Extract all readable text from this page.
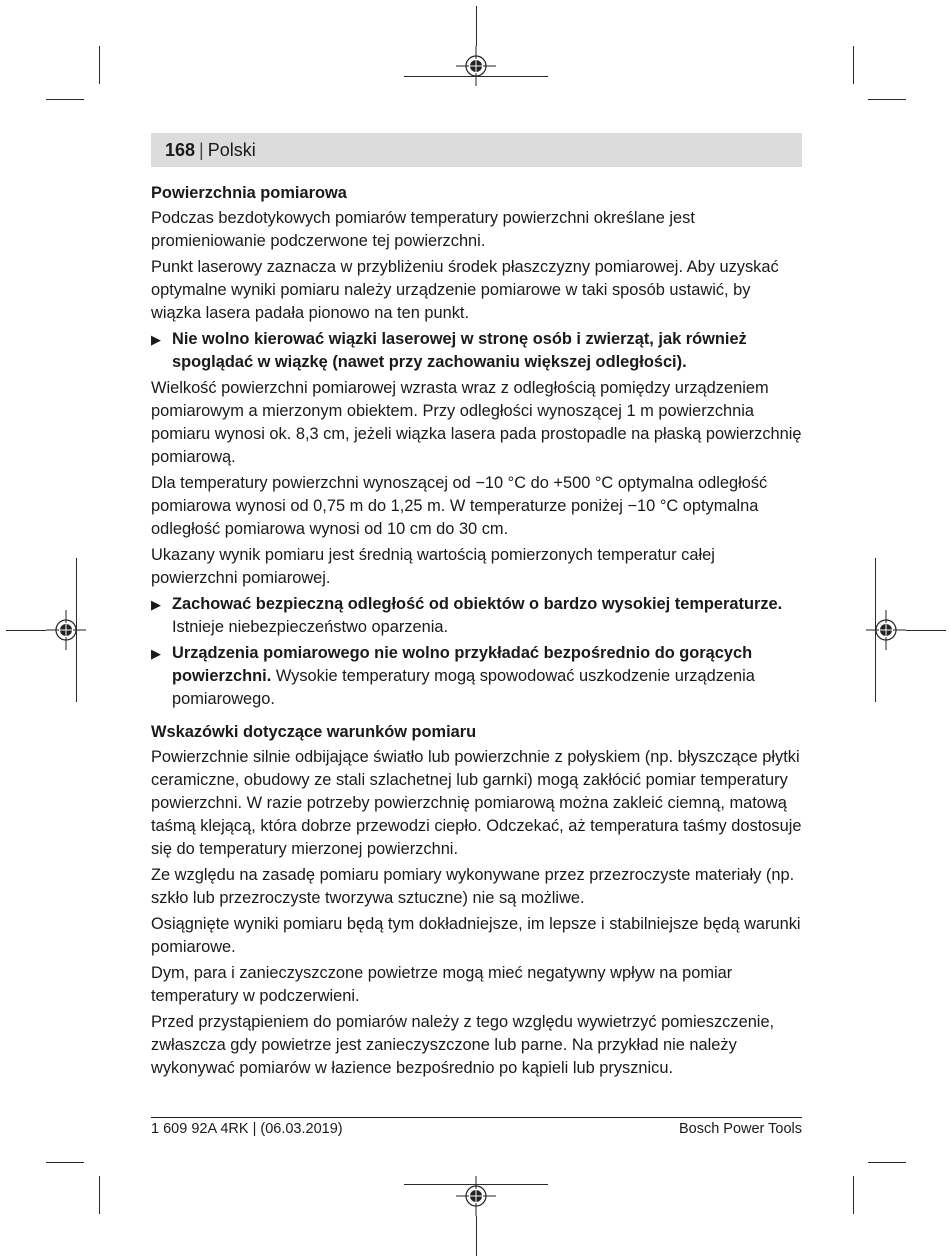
168 | Polski
Powierzchnia pomiarowa

Podczas bezdotykowych pomiarów temperatury powierzchni określane jest promieniowanie podczerwone tej powierzchni.

Punkt laserowy zaznacza w przybliżeniu środek płaszczyzny pomiarowej. Aby uzyskać optymalne wyniki pomiaru należy urządzenie pomiarowe w taki sposób ustawić, by wiązka lasera padała pionowo na ten punkt.

▶ Nie wolno kierować wiązki laserowej w stronę osób i zwierząt, jak również spoglądać w wiązkę (nawet przy zachowaniu większej odległości).

Wielkość powierzchni pomiarowej wzrasta wraz z odległością pomiędzy urządzeniem pomiarowym a mierzonym obiektem. Przy odległości wynoszącej 1 m powierzchnia pomiaru wynosi ok. 8,3 cm, jeżeli wiązka lasera pada prostopadle na płaską powierzchnię pomiarową.

Dla temperatury powierzchni wynoszącej od −10 °C do +500 °C optymalna odległość pomiarowa wynosi od 0,75 m do 1,25 m. W temperaturze poniżej −10 °C optymalna odległość pomiarowa wynosi od 10 cm do 30 cm.

Ukazany wynik pomiaru jest średnią wartością pomierzonych temperatur całej powierzchni pomiarowej.

▶ Zachować bezpieczną odległość od obiektów o bardzo wysokiej temperaturze. Istnieje niebezpieczeństwo oparzenia.
▶ Urządzenia pomiarowego nie wolno przykładać bezpośrednio do gorących powierzchni. Wysokie temperatury mogą spowodować uszkodzenie urządzenia pomiarowego.
Wskazówki dotyczące warunków pomiaru

Powierzchnie silnie odbijające światło lub powierzchnie z połyskiem (np. błyszczące płytki ceramiczne, obudowy ze stali szlachetnej lub garnki) mogą zakłócić pomiar temperatury powierzchni. W razie potrzeby powierzchnię pomiarową można zakleić ciemną, matową taśmą klejącą, która dobrze przewodzi ciepło. Odczekać, aż temperatura taśmy dostosuje się do temperatury mierzonej powierzchni.

Ze względu na zasadę pomiaru pomiary wykonywane przez przezroczyste materiały (np. szkło lub przezroczyste tworzywa sztuczne) nie są możliwe.

Osiągnięte wyniki pomiaru będą tym dokładniejsze, im lepsze i stabilniejsze będą warunki pomiarowe.

Dym, para i zanieczyszczone powietrze mogą mieć negatywny wpływ na pomiar temperatury w podczerwieni.

Przed przystąpieniem do pomiarów należy z tego względu wywietrzyć pomieszczenie, zwłaszcza gdy powietrze jest zanieczyszczone lub parne. Na przykład nie należy wykonywać pomiarów w łazience bezpośrednio po kąpieli lub prysznicu.

1 609 92A 4RK | (06.03.2019)	Bosch Power Tools
